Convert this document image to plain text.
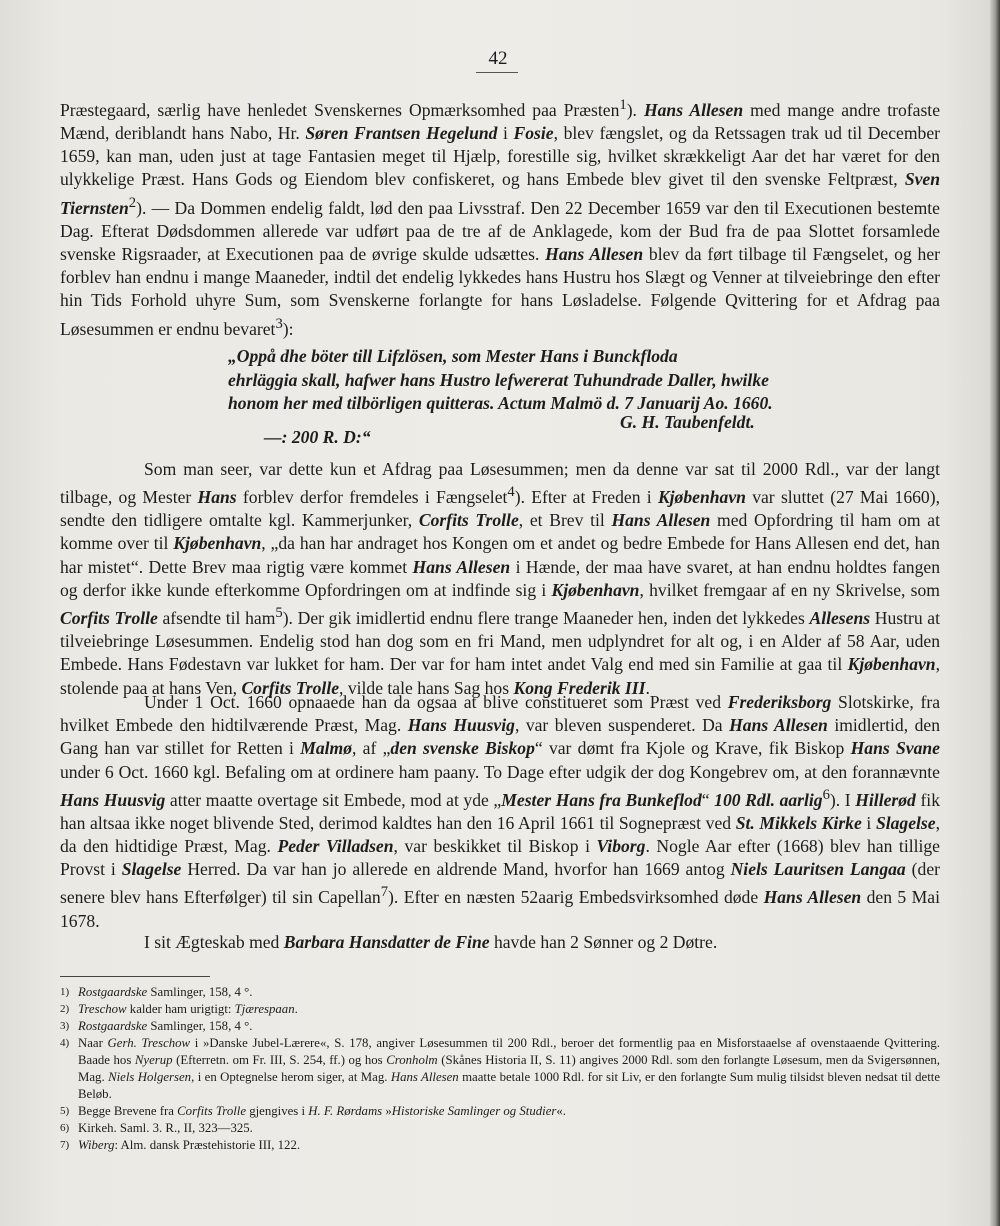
42

Præstegaard, særlig have henledet Svenskernes Opmærksomhed paa Præsten$^1$). Hans Allesen med mange andre trofaste Mænd, deriblandt hans Nabo, Hr. Søren Frantsen Hegelund i Fosie, blev fængslet, og da Retssagen trak ud til December 1659, kan man, uden just at tage Fantasien meget til Hjælp, forestille sig, hvilket skrækkeligt Aar det har været for den ulykkelige Præst. Hans Gods og Eiendom blev confiskeret, og hans Embede blev givet til den svenske Feltpræst, Sven Tiernsten$^2$). — Da Dommen endelig faldt, lød den paa Livsstraf. Den 22 December 1659 var den til Executionen bestemte Dag. Efterat Dødsdommen allerede var udført paa de tre af de Anklagede, kom der Bud fra de paa Slottet forsamlede svenske Rigsraader, at Executionen paa de øvrige skulde udsættes. Hans Allesen blev da ført tilbage til Fængselet, og her forblev han endnu i mange Maaneder, indtil det endelig lykkedes hans Hustru hos Slægt og Venner at tilveiebringe den efter hin Tids Forhold uhyre Sum, som Svenskerne forlangte for hans Løsladelse. Følgende Qvittering for et Afdrag paa Løsesummen er endnu bevaret$^3$):

„Oppå dhe böter till Lifzlösen, som Mester Hans i Bunckfloda
ehrläggia skall, hafwer hans Hustro lefwererat Tuhundrade Daller, hwilke
honom her med tilbörligen quitteras. Actum Malmö d. 7 Januarij Ao. 1660.
G. H. Taubenfeldt.
—: 200 R. D:“

Som man seer, var dette kun et Afdrag paa Løsesummen; men da denne var sat til 2000 Rdl., var der langt tilbage, og Mester Hans forblev derfor fremdeles i Fængselet$^4$). Efter at Freden i Kjøbenhavn var sluttet (27 Mai 1660), sendte den tidligere omtalte kgl. Kammerjunker, Corfits Trolle, et Brev til Hans Allesen med Opfordring til ham om at komme over til Kjøbenhavn, „da han har andraget hos Kongen om et andet og bedre Embede for Hans Allesen end det, han har mistet“. Dette Brev maa rigtig være kommet Hans Allesen i Hænde, der maa have svaret, at han endnu holdtes fangen og derfor ikke kunde efterkomme Opfordringen om at indfinde sig i Kjøbenhavn, hvilket fremgaar af en ny Skrivelse, som Corfits Trolle afsendte til ham$^5$). Der gik imidlertid endnu flere trange Maaneder hen, inden det lykkedes Allesens Hustru at tilveiebringe Løsesummen. Endelig stod han dog som en fri Mand, men udplyndret for alt og, i en Alder af 58 Aar, uden Embede. Hans Fødestavn var lukket for ham. Der var for ham intet andet Valg end med sin Familie at gaa til Kjøbenhavn, stolende paa at hans Ven, Corfits Trolle, vilde tale hans Sag hos Kong Frederik III.

Under 1 Oct. 1660 opnaaede han da ogsaa at blive constitueret som Præst ved Frederiksborg Slotskirke, fra hvilket Embede den hidtilværende Præst, Mag. Hans Huusvig, var bleven suspenderet. Da Hans Allesen imidlertid, den Gang han var stillet for Retten i Malmø, af „den svenske Biskop“ var dømt fra Kjole og Krave, fik Biskop Hans Svane under 6 Oct. 1660 kgl. Befaling om at ordinere ham paany. To Dage efter udgik der dog Kongebrev om, at den forannævnte Hans Huusvig atter maatte overtage sit Embede, mod at yde „Mester Hans fra Bunkeflod“ 100 Rdl. aarlig$^6$). I Hillerød fik han altsaa ikke noget blivende Sted, derimod kaldtes han den 16 April 1661 til Sognepræst ved St. Mikkels Kirke i Slagelse, da den hidtidige Præst, Mag. Peder Villadsen, var beskikket til Biskop i Viborg. Nogle Aar efter (1668) blev han tillige Provst i Slagelse Herred. Da var han jo allerede en aldrende Mand, hvorfor han 1669 antog Niels Lauritsen Langaa (der senere blev hans Efterfølger) til sin Capellan$^7$). Efter en næsten 52aarig Embedsvirksomhed døde Hans Allesen den 5 Mai 1678.

I sit Ægteskab med Barbara Hansdatter de Fine havde han 2 Sønner og 2 Døtre.

1) Rostgaardske Samlinger, 158, 4 °.
2) Treschow kalder ham urigtigt: Tjærespaan.
3) Rostgaardske Samlinger, 158, 4 °.
4) Naar Gerh. Treschow i »Danske Jubel-Lærere«, S. 178, angiver Løsesummen til 200 Rdl., beroer det formentlig paa en Misforstaaelse af ovenstaaende Qvittering. Baade hos Nyerup (Efterretn. om Fr. III, S. 254, ff.) og hos Cronholm (Skånes Historia II, S. 11) angives 2000 Rdl. som den forlangte Løsesum, men da Svigersønnen, Mag. Niels Holgersen, i en Optegnelse herom siger, at Mag. Hans Allesen maatte betale 1000 Rdl. for sit Liv, er den forlangte Sum mulig tilsidst bleven nedsat til dette Beløb.
5) Begge Brevene fra Corfits Trolle gjengives i H. F. Rørdams »Historiske Samlinger og Studier«.
6) Kirkeh. Saml. 3. R., II, 323—325.
7) Wiberg: Alm. dansk Præstehistorie III, 122.
